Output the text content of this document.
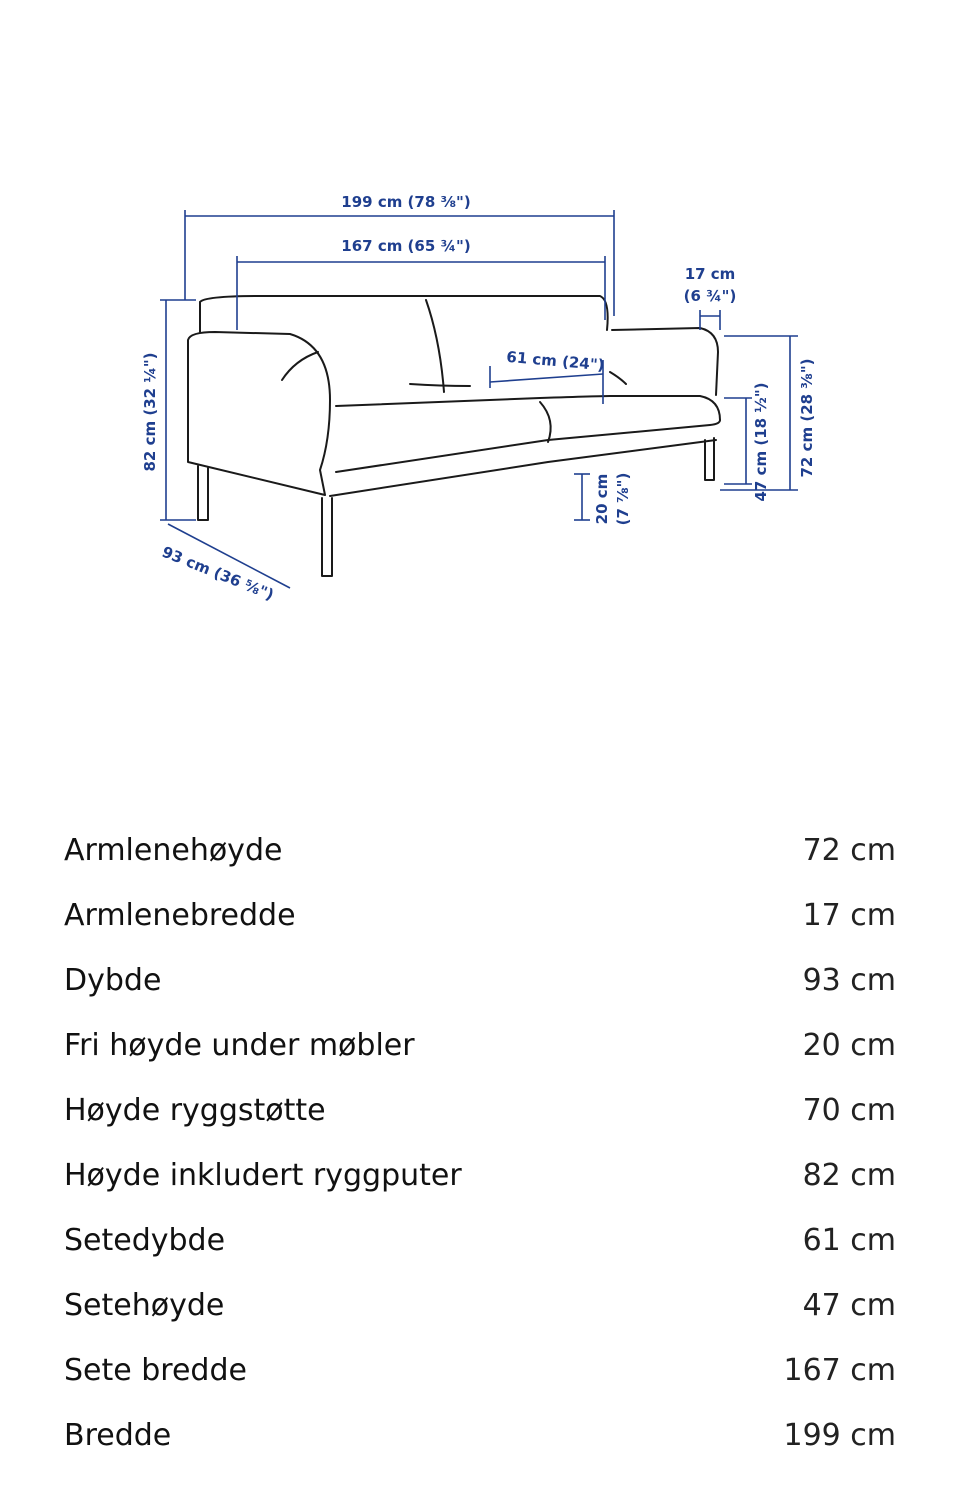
199 cm (78 ⅜")
167 cm (65 ¾")
17 cm
(6 ¾")
61 cm (24")
82 cm (32 ¼")
93 cm (36 ⅝")
20 cm (7 ⅞")	47 cm (18 ½") 72 cm (28 ⅜")
Armlenehøyde	72 cm
Armlenebredde	17 cm
Dybde	93 cm
Fri høyde under møbler	20 cm
Høyde ryggstøtte	70 cm
Høyde inkludert ryggputer	82 cm
Setedybde	61 cm
Setehøyde	47 cm
Sete bredde	167 cm
Bredde	199 cm
